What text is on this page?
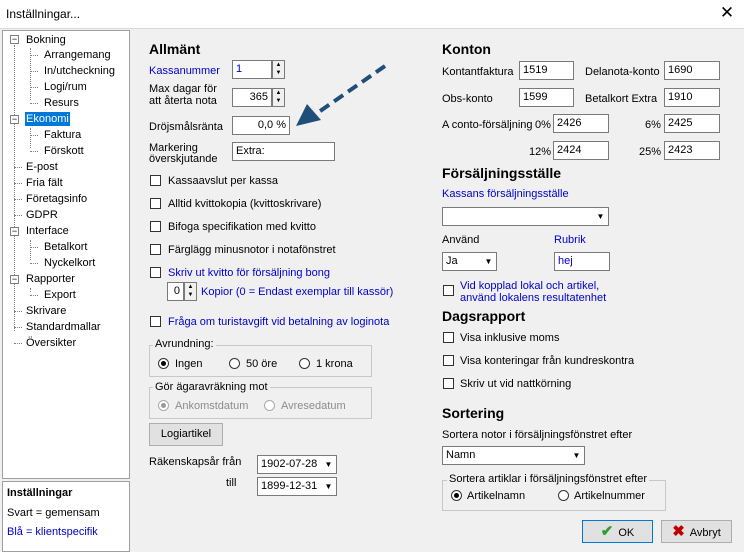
Inställningar...	✕
− Bokning
Arrangemang
In/utcheckning
Logi/rum
Resurs
− Ekonomi
Faktura
Förskott
E-post
Fria fält
Företagsinfo
GDPR
− Interface
Betalkort
Nyckelkort
− Rapporter
Export
Skrivare
Standardmallar
Översikter
Inställningar
Svart = gemensam
Blå = klientspecifik
Allmänt
Kassanummer	1	▲
▼
Max dagar för
att återta nota	365	▲
▼
Dröjsmålsränta	0,0 %
Markering
överskjutande
Extra:
Kassaavslut per kassa
Alltid kvittokopia (kvittoskrivare)
Bifoga specifikation med kvitto
Färglägg minusnotor i notafönstret
Skriv ut kvitto för försäljning bong
0	▲
▼ Kopior (0 = Endast exemplar till kassör)
Fråga om turistavgift vid betalning av loginota
Avrundning:
Ingen	50 öre	1 krona
Gör ägaravräkning mot
Ankomstdatum	Avresedatum
Logiartikel
Räkenskapsår från	1902-07-28 ▼
till	1899-12-31 ▼
Konton
Kontantfaktura 1519	Delanota-konto 1690
Obs-konto	1599	Betalkort Extra 1910
A conto-försäljning 0% 2426	6% 2425
12% 2424	25% 2423
Försäljningsställe
Kassans försäljningsställe
▼
Använd
Ja	▼
Rubrik
hej
Vid kopplad lokal och artikel,
använd lokalens resultatenhet
Dagsrapport
Visa inklusive moms
Visa konteringar från kundreskontra
Skriv ut vid nattkörning
Sortering
Sortera notor i försäljningsfönstret efter
Namn	▼
Sortera artiklar i försäljningsfönstret efter
Artikelnamn	Artikelnummer
✔ OK	✖ Avbryt
